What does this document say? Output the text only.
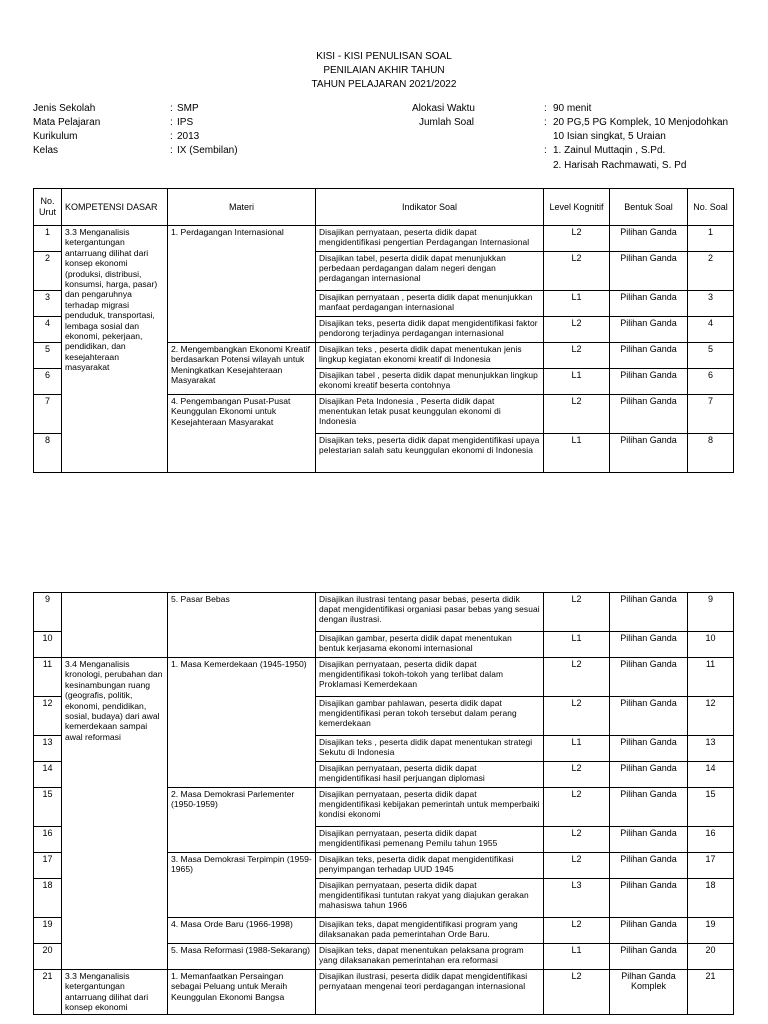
KISI - KISI PENULISAN SOAL
PENILAIAN AKHIR TAHUN
TAHUN PELAJARAN 2021/2022
Jenis Sekolah	: SMP
Mata Pelajaran	: IPS
Kurikulum	: 2013
Kelas	: IX (Sembilan)
Alokasi Waktu	: 90 menit
Jumlah Soal	: 20 PG,5 PG Komplek, 10 Menjodohkan
10 Isian singkat, 5 Uraian
: 1. Zainul Muttaqin , S.Pd.
2. Harisah Rachmawati, S. Pd
No. Urut	KOMPETENSI DASAR	Materi	Indikator Soal	Level Kognitif	Bentuk Soal	No. Soal
1	3.3 Menganalisis ketergantungan antarruang dilihat dari konsep ekonomi (produksi, distribusi, konsumsi, harga, pasar) dan pengaruhnya terhadap migrasi penduduk, transportasi, lembaga sosial dan ekonomi, pekerjaan, pendidikan, dan kesejahteraan masyarakat	1. Perdagangan Internasional	Disajikan pernyataan, peserta didik dapat mengidentifikasi pengertian Perdagangan Internasional	L2	Pilihan Ganda	1
2			Disajikan tabel, peserta didik dapat menunjukkan perbedaan perdagangan dalam negeri dengan perdagangan internasional	L2	Pilihan Ganda	2
3			Disajikan pernyataan , peserta didik dapat menunjukkan manfaat perdagangan internasional	L1	Pilihan Ganda	3
4			Disajikan teks, peserta didik dapat mengidentifikasi faktor pendorong terjadinya perdagangan internasional	L2	Pilihan Ganda	4
5		2. Mengembangkan Ekonomi Kreatif berdasarkan Potensi wilayah untuk Meningkatkan Kesejahteraan Masyarakat	Disajikan teks , peserta didik dapat menentukan jenis lingkup kegiatan ekonomi kreatif di Indonesia	L2	Pilihan Ganda	5
6			Disajikan tabel , peserta didik dapat menunjukkan lingkup ekonomi kreatif beserta contohnya	L1	Pilihan Ganda	6
7		4. Pengembangan Pusat-Pusat Keunggulan Ekonomi untuk Kesejahteraan Masyarakat	Disajikan Peta Indonesia , Peserta didik dapat menentukan letak pusat keunggulan ekonomi di Indonesia	L2	Pilihan Ganda	7
8			Disajikan teks, peserta didik dapat mengidentifikasi upaya pelestarian salah satu keunggulan ekonomi di Indonesia	L1	Pilihan Ganda	8
9		5. Pasar Bebas	Disajikan ilustrasi tentang pasar bebas, peserta didik dapat mengidentifikasi organiasi pasar bebas yang sesuai dengan ilustrasi.	L2	Pilihan Ganda	9
10			Disajikan gambar, peserta didik dapat menentukan bentuk kerjasama ekonomi internasional	L1	Pilihan Ganda	10
11	3.4 Menganalisis kronologi, perubahan dan kesinambungan ruang (geografis, politik, ekonomi, pendidikan, sosial, budaya) dari awal kemerdekaan sampai awal reformasi	1. Masa Kemerdekaan (1945-1950)	Disajikan pernyataan, peserta didik dapat mengidentifikasi tokoh-tokoh yang terlibat dalam Proklamasi Kemerdekaan	L2	Pilihan Ganda	11
12			Disajikan gambar pahlawan, peserta didik dapat mengidentifikasi peran tokoh tersebut dalam perang kemerdekaan	L2	Pilihan Ganda	12
13			Disajikan teks , peserta didik dapat menentukan strategi Sekutu di Indonesia	L1	Pilihan Ganda	13
14			Disajikan pernyataan, peserta didik dapat mengidentifikasi hasil perjuangan diplomasi	L2	Pilihan Ganda	14
15		2. Masa Demokrasi Parlementer (1950-1959)	Disajikan pernyataan, peserta didik dapat mengidentifikasi kebijakan pemerintah untuk memperbaiki kondisi ekonomi	L2	Pilihan Ganda	15
16			Disajikan pernyataan, peserta didik dapat mengidentifikasi pemenang Pemilu tahun 1955	L2	Pilihan Ganda	16
17		3. Masa Demokrasi Terpimpin (1959-1965)	Disajikan teks, peserta didik dapat mengidentifikasi penyimpangan terhadap UUD 1945	L2	Pilihan Ganda	17
18			Disajikan pernyataan, peserta didik dapat mengidentifikasi tuntutan rakyat yang diajukan gerakan mahasiswa tahun 1966	L3	Pilihan Ganda	18
19		4. Masa Orde Baru (1966-1998)	Disajikan teks, dapat mengidentifikasi program yang dilaksanakan pada pemerintahan Orde Baru.	L2	Pilihan Ganda	19
20		5. Masa Reformasi (1988-Sekarang)	Disajikan teks, dapat menentukan pelaksana program yang dilaksanakan pemerintahan era reformasi	L1	Pilihan Ganda	20
21	3.3 Menganalisis ketergantungan antarruang dilihat dari konsep ekonomi	1. Memanfaatkan Persaingan sebagai Peluang untuk Meraih Keunggulan Ekonomi Bangsa	Disajikan ilustrasi, peserta didik dapat mengidentifikasi pernyataan mengenai teori perdagangan internasional	L2	Pilhan Ganda Komplek	21
